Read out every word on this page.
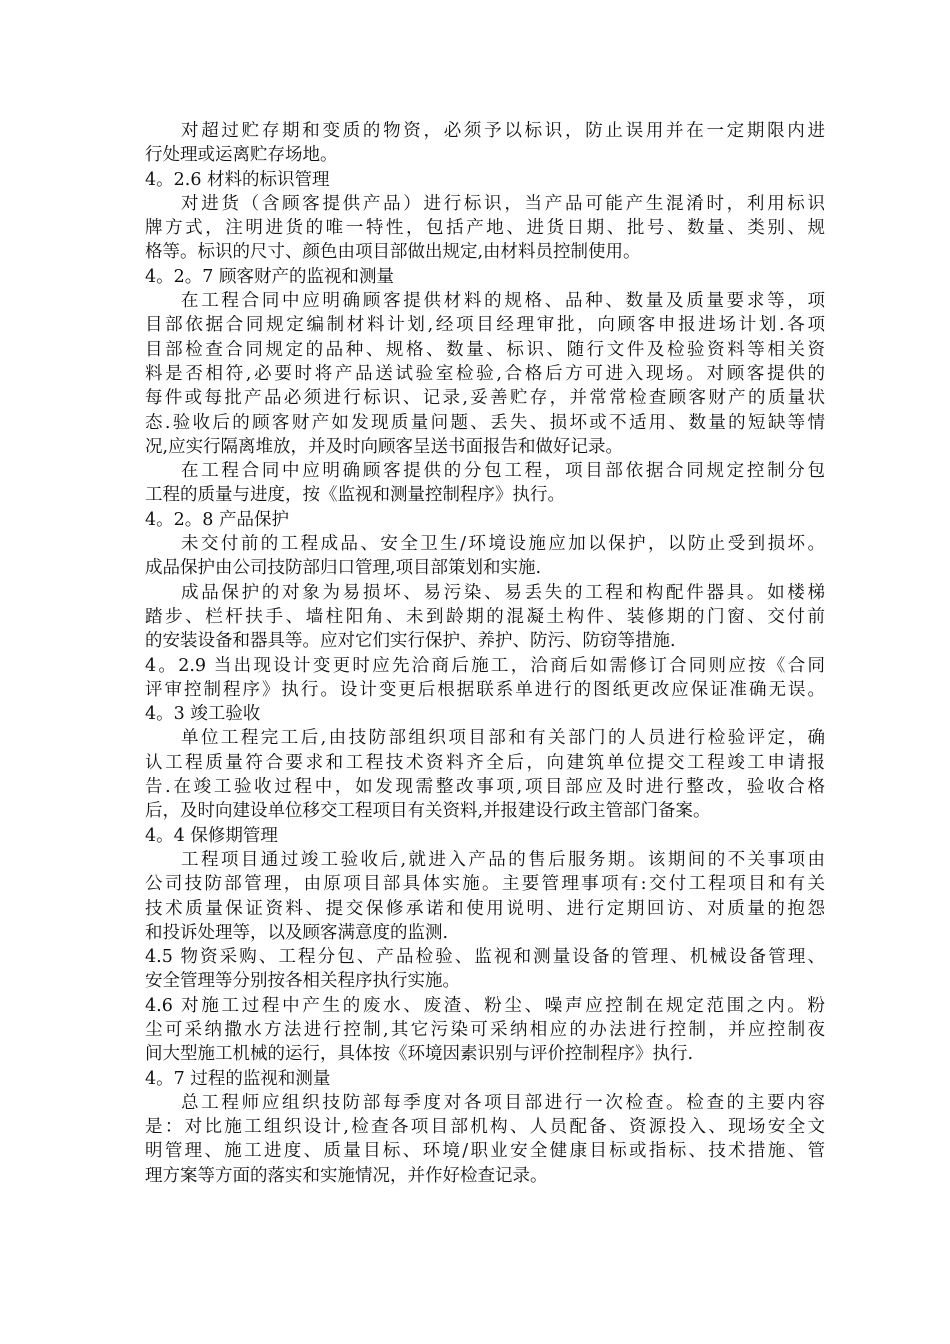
对超过贮存期和变质的物资，必须予以标识，防止误用并在一定期限内进
行处理或运离贮存场地。
4。2.6 材料的标识管理
对进货（含顾客提供产品）进行标识，当产品可能产生混淆时，利用标识
牌方式，注明进货的唯一特性，包括产地、进货日期、批号、数量、类别、规
格等。标识的尺寸、颜色由项目部做出规定,由材料员控制使用。
4。2。7 顾客财产的监视和测量
在工程合同中应明确顾客提供材料的规格、品种、数量及质量要求等，项
目部依据合同规定编制材料计划,经项目经理审批，向顾客申报进场计划.各项
目部检查合同规定的品种、规格、数量、标识、随行文件及检验资料等相关资
料是否相符,必要时将产品送试验室检验,合格后方可进入现场。对顾客提供的
每件或每批产品必须进行标识、记录,妥善贮存，并常常检查顾客财产的质量状
态.验收后的顾客财产如发现质量问题、丢失、损坏或不适用、数量的短缺等情
况,应实行隔离堆放，并及时向顾客呈送书面报告和做好记录。
在工程合同中应明确顾客提供的分包工程，项目部依据合同规定控制分包
工程的质量与进度，按《监视和测量控制程序》执行。
4。2。8 产品保护
未交付前的工程成品、安全卫生/环境设施应加以保护，以防止受到损坏。
成品保护由公司技防部归口管理,项目部策划和实施.
成品保护的对象为易损坏、易污染、易丢失的工程和构配件器具。如楼梯
踏步、栏杆扶手、墙柱阳角、未到龄期的混凝土构件、装修期的门窗、交付前
的安装设备和器具等。应对它们实行保护、养护、防污、防窃等措施.
4。2.9 当出现设计变更时应先洽商后施工，洽商后如需修订合同则应按《合同
评审控制程序》执行。设计变更后根据联系单进行的图纸更改应保证准确无误。
4。3 竣工验收
单位工程完工后,由技防部组织项目部和有关部门的人员进行检验评定，确
认工程质量符合要求和工程技术资料齐全后，向建筑单位提交工程竣工申请报
告.在竣工验收过程中，如发现需整改事项,项目部应及时进行整改，验收合格
后，及时向建设单位移交工程项目有关资料,并报建设行政主管部门备案。
4。4 保修期管理
工程项目通过竣工验收后,就进入产品的售后服务期。该期间的不关事项由
公司技防部管理，由原项目部具体实施。主要管理事项有:交付工程项目和有关
技术质量保证资料、提交保修承诺和使用说明、进行定期回访、对质量的抱怨
和投诉处理等，以及顾客满意度的监测.
4.5 物资采购、工程分包、产品检验、监视和测量设备的管理、机械设备管理、
安全管理等分别按各相关程序执行实施。
4.6 对施工过程中产生的废水、废渣、粉尘、噪声应控制在规定范围之内。粉
尘可采纳撒水方法进行控制,其它污染可采纳相应的办法进行控制，并应控制夜
间大型施工机械的运行，具体按《环境因素识别与评价控制程序》执行.
4。7 过程的监视和测量
总工程师应组织技防部每季度对各项目部进行一次检查。检查的主要内容
是：对比施工组织设计,检查各项目部机构、人员配备、资源投入、现场安全文
明管理、施工进度、质量目标、环境/职业安全健康目标或指标、技术措施、管
理方案等方面的落实和实施情况，并作好检查记录。
